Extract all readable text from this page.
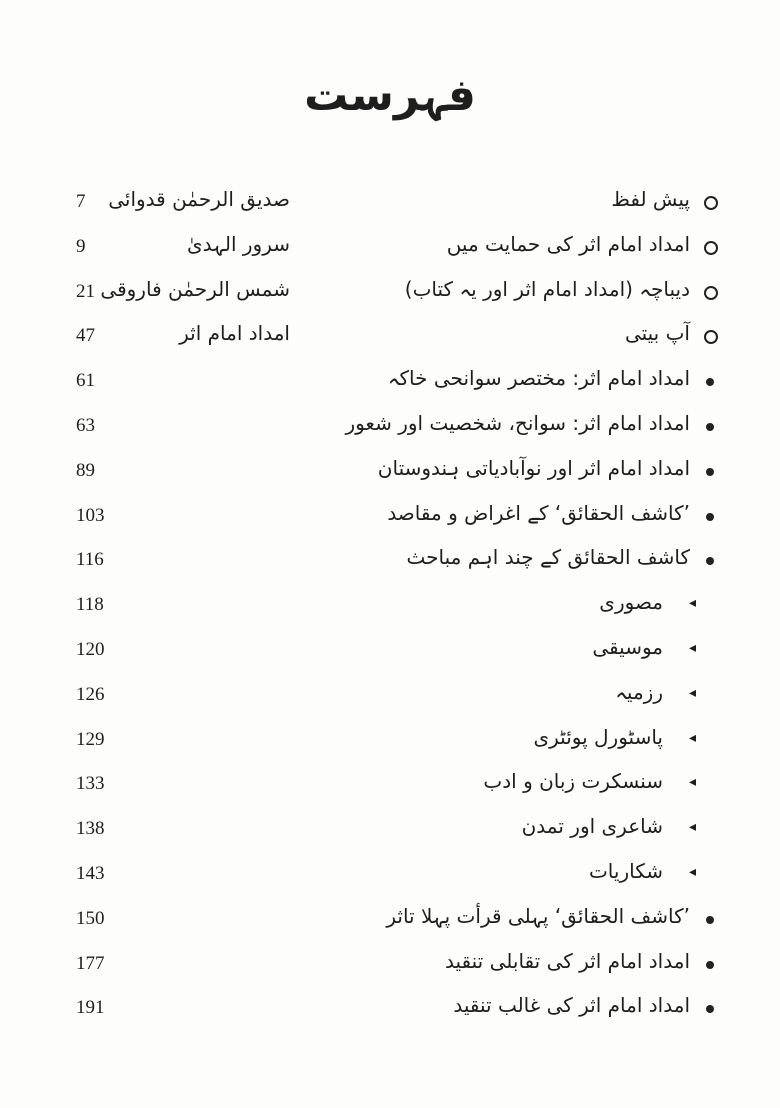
فہرست
پیش لفظ
صدیق الرحمٰن قدوائی
7
امداد امام اثر کی حمایت میں
سرور الہدیٰ
9
دیباچہ (امداد امام اثر اور یہ کتاب)
شمس الرحمٰن فاروقی
21
آپ بیتی
امداد امام اثر
47
امداد امام اثر: مختصر سوانحی خاکہ
61
امداد امام اثر: سوانح، شخصیت اور شعور
63
امداد امام اثر اور نوآبادیاتی ہندوستان
89
’کاشف الحقائق‘ کے اغراض و مقاصد
103
کاشف الحقائق کے چند اہم مباحث
116
◂
مصوری
118
◂
موسیقی
120
◂
رزمیہ
126
◂
پاسٹورل پوئٹری
129
◂
سنسکرت زبان و ادب
133
◂
شاعری اور تمدن
138
◂
شکاریات
143
’کاشف الحقائق‘ پہلی قرأت پہلا تاثر
150
امداد امام اثر کی تقابلی تنقید
177
امداد امام اثر کی غالب تنقید
191
